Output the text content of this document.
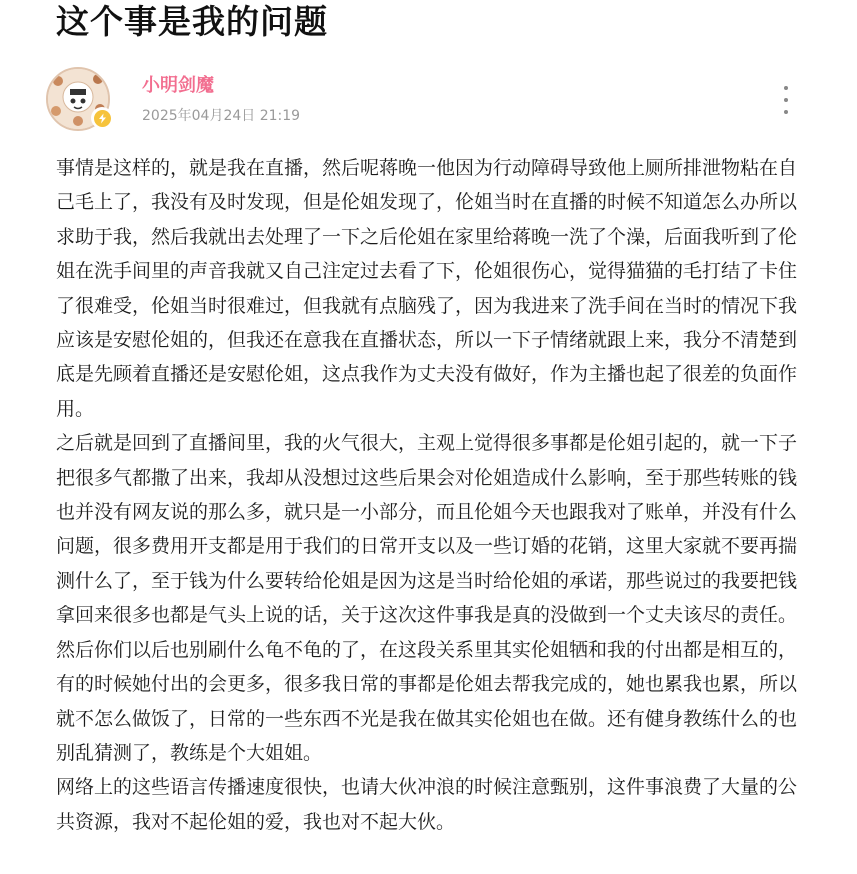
这个事是我的问题
小明剑魔
2025年04月24日 21:19

事情是这样的，就是我在直播，然后呢蒋晚一他因为行动障碍导致他上厕所排泄物粘在自己毛上了，我没有及时发现，但是伦姐发现了，伦姐当时在直播的时候不知道怎么办所以求助于我，然后我就出去处理了一下之后伦姐在家里给蒋晚一洗了个澡，后面我听到了伦姐在洗手间里的声音我就又自己注定过去看了下，伦姐很伤心，觉得猫猫的毛打结了卡住了很难受，伦姐当时很难过，但我就有点脑残了，因为我进来了洗手间在当时的情况下我应该是安慰伦姐的，但我还在意我在直播状态，所以一下子情绪就跟上来，我分不清楚到底是先顾着直播还是安慰伦姐，这点我作为丈夫没有做好，作为主播也起了很差的负面作用。

之后就是回到了直播间里，我的火气很大，主观上觉得很多事都是伦姐引起的，就一下子把很多气都撒了出来，我却从没想过这些后果会对伦姐造成什么影响，至于那些转账的钱也并没有网友说的那么多，就只是一小部分，而且伦姐今天也跟我对了账单，并没有什么问题，很多费用开支都是用于我们的日常开支以及一些订婚的花销，这里大家就不要再揣测什么了，至于钱为什么要转给伦姐是因为这是当时给伦姐的承诺，那些说过的我要把钱拿回来很多也都是气头上说的话，关于这次这件事我是真的没做到一个丈夫该尽的责任。然后你们以后也别刷什么龟不龟的了，在这段关系里其实伦姐牺和我的付出都是相互的，有的时候她付出的会更多，很多我日常的事都是伦姐去帮我完成的，她也累我也累，所以就不怎么做饭了，日常的一些东西不光是我在做其实伦姐也在做。还有健身教练什么的也别乱猜测了，教练是个大姐姐。

网络上的这些语言传播速度很快，也请大伙冲浪的时候注意甄别，这件事浪费了大量的公共资源，我对不起伦姐的爱，我也对不起大伙。
